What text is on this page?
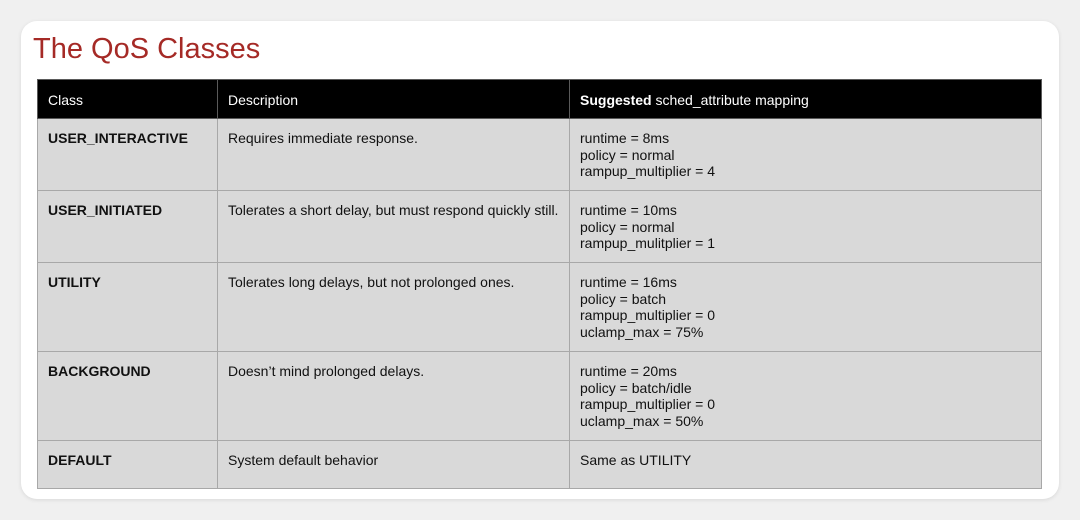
The QoS Classes
Class	Description	Suggested sched_attribute mapping
USER_INTERACTIVE	Requires immediate response.	runtime = 8ms
policy = normal
rampup_multiplier = 4

USER_INITIATED	Tolerates a short delay, but must respond quickly still.	runtime = 10ms
policy = normal
rampup_mulitplier = 1

UTILITY	Tolerates long delays, but not prolonged ones.	runtime = 16ms
policy = batch
rampup_multiplier = 0
uclamp_max = 75%

BACKGROUND	Doesn’t mind prolonged delays.	runtime = 20ms
policy = batch/idle
rampup_multiplier = 0
uclamp_max = 50%

DEFAULT	System default behavior	Same as UTILITY
